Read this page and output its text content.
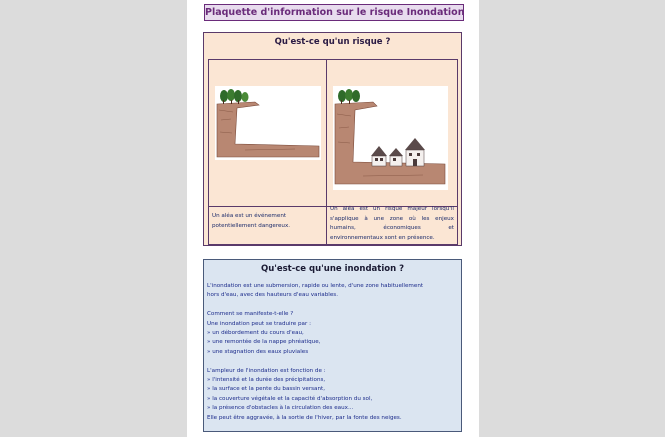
Plaquette d'information sur le risque Inondation
Qu'est-ce qu'un risque ?
Un aléa est un événement potentiellement dangereux.
Un aléa est un risque majeur lorsqu'il s'applique à une zone où les enjeux humains, économiques et environnementaux sont en présence.
Qu'est-ce qu'une inondation ?

L'inondation est une submersion, rapide ou lente, d'une zone habituellement

hors d'eau, avec des hauteurs d'eau variables.

Comment se manifeste-t-elle ?

Une inondation peut se traduire par :

» un débordement du cours d'eau,

» une remontée de la nappe phréatique,

» une stagnation des eaux pluviales

L'ampleur de l'inondation est fonction de :

» l'intensité et la durée des précipitations,

» la surface et la pente du bassin versant,

» la couverture végétale et la capacité d'absorption du sol,

» la présence d'obstacles à la circulation des eaux...

Elle peut être aggravée, à la sortie de l'hiver, par la fonte des neiges.
